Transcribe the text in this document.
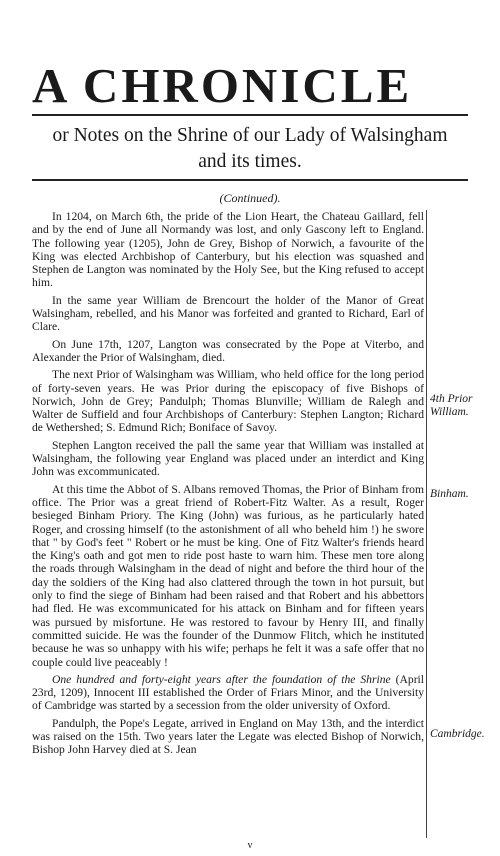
A CHRONICLE
or Notes on the Shrine of our Lady of Walsingham
and its times.
(Continued).

In 1204, on March 6th, the pride of the Lion Heart, the Chateau Gaillard, fell and by the end of June all Normandy was lost, and only Gascony left to England. The following year (1205), John de Grey, Bishop of Norwich, a favourite of the King was elected Archbishop of Canterbury, but his election was squashed and Stephen de Langton was nominated by the Holy See, but the King refused to accept him.

In the same year William de Brencourt the holder of the Manor of Great Walsingham, rebelled, and his Manor was forfeited and granted to Richard, Earl of Clare.

On June 17th, 1207, Langton was consecrated by the Pope at Viterbo, and Alexander the Prior of Walsingham, died.

The next Prior of Walsingham was William, who held office for the long period of forty-seven years. He was Prior during the episcopacy of five Bishops of Norwich, John de Grey; Pandulph; Thomas Blunville; William de Ralegh and Walter de Suffield and four Archbishops of Canterbury: Stephen Langton; Richard de Wethershed; S. Edmund Rich; Boniface of Savoy.

Stephen Langton received the pall the same year that William was installed at Walsingham, the following year England was placed under an interdict and King John was excommunicated.

At this time the Abbot of S. Albans removed Thomas, the Prior of Binham from office. The Prior was a great friend of Robert-Fitz Walter. As a result, Roger besieged Binham Priory. The King (John) was furious, as he particularly hated Roger, and crossing himself (to the astonishment of all who beheld him !) he swore that " by God's feet " Robert or he must be king. One of Fitz Walter's friends heard the King's oath and got men to ride post haste to warn him. These men tore along the roads through Walsingham in the dead of night and before the third hour of the day the soldiers of the King had also clattered through the town in hot pursuit, but only to find the siege of Binham had been raised and that Robert and his abbettors had fled. He was excommunicated for his attack on Binham and for fifteen years was pursued by misfortune. He was restored to favour by Henry III, and finally committed suicide. He was the founder of the Dunmow Flitch, which he instituted because he was so unhappy with his wife; perhaps he felt it was a safe offer that no couple could live peaceably !

One hundred and forty-eight years after the foundation of the Shrine (April 23rd, 1209), Innocent III established the Order of Friars Minor, and the University of Cambridge was started by a secession from the older university of Oxford.

Pandulph, the Pope's Legate, arrived in England on May 13th, and the interdict was raised on the 15th. Two years later the Legate was elected Bishop of Norwich, Bishop John Harvey died at S. Jean

4th Prior William.
Binham.
Cambridge.
v
